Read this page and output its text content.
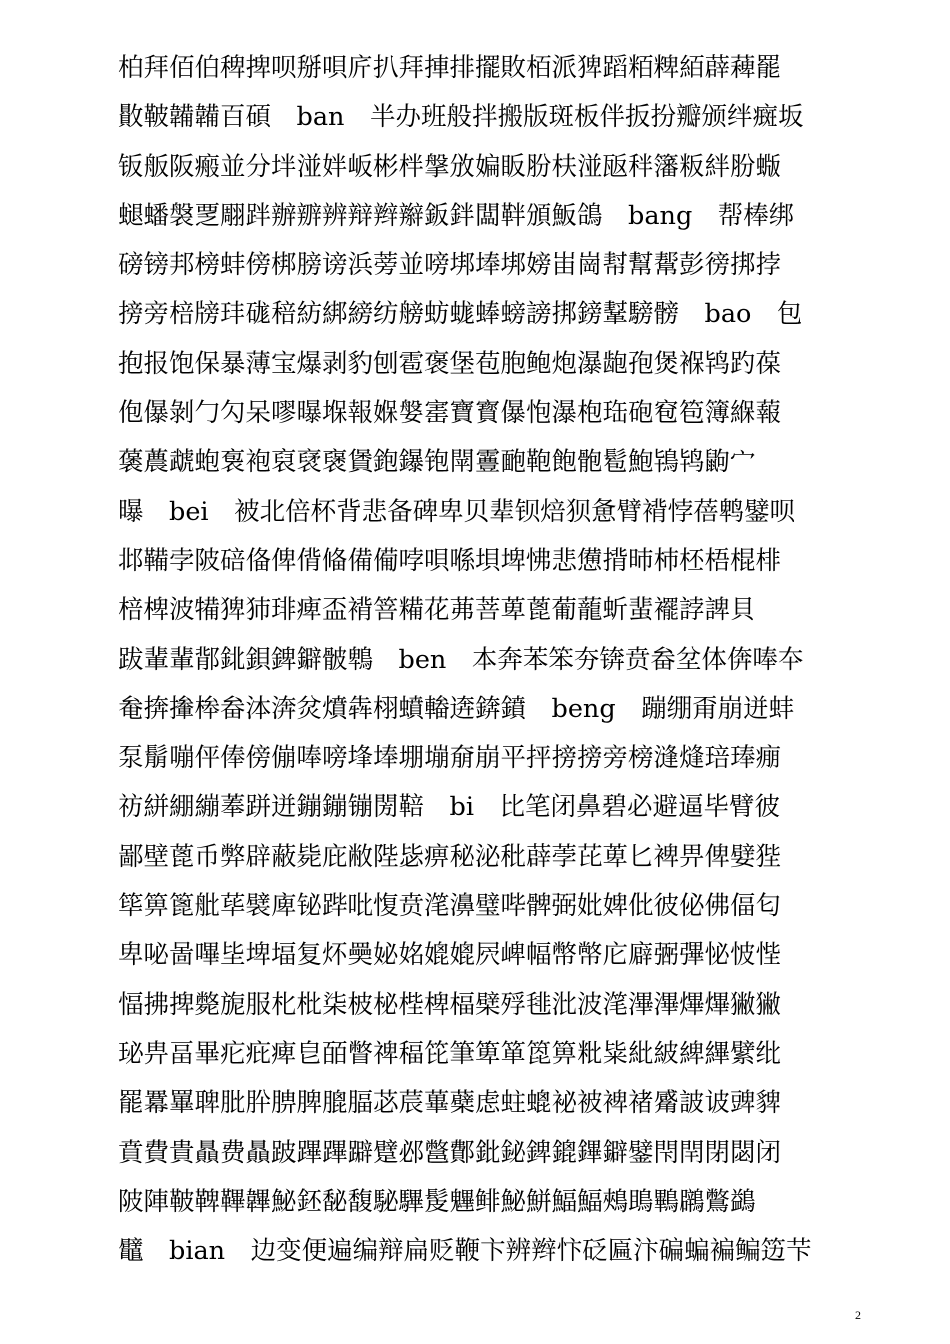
柏拜佰伯稗捭呗掰唄庍扒拜捙排擺敗栢派猈蹈粨粺絔薜薭罷
贁鞁韛韛百碩　ban　半办班般拌搬版斑板伴扳扮瓣颁绊癍坂
钣舨阪瘢並分坢湴姅岅彬柈搫攽媥眅肦枎湴瓪秚籓粄絆肦蝂
螁蟠褩覂翢跘辦辧辨辩辫辮鈑鉡闆靽頒魬鴿　bang　帮棒绑
磅镑邦榜蚌傍梆膀谤浜蒡並嗙垹埲垹嫎峀崗幇幫幚彭徬挷挬
搒旁棓牓玤硥稖紡綁縍纺艕蚄蛖蜯螃謗挷鎊鞤騯髈　bao　包
抱报饱保暴薄宝爆剥豹刨雹褒堡苞胞鲍炮瀑龅孢煲褓鸨趵葆
佨儤剝勹勽呆嘐曝堢報媬媻寚寶寳儤怉瀑枹珤砲窇笣簿緥蕔
藵蕽虣蚫袌袍裒裦襃賲鉋鑤铇閛霻靤鞄飽骲髱鮑鴇鸨鼩宀
曝　bei　被北倍杯背悲备碑卑贝辈钡焙狈惫臂褙悖蓓鹎鐾呗
邶鞴孛陂碚俻俾偝偹備僃哱唄喺垻埤怫悲憊揹昁杮柸梧棍棑
棓椑波犕猈犻琲痺盃褙箁糒花茀菩萆蓖葡蘢蚚蜚襬誖諀貝
跋輩輩鄁鉳鋇錍鐴骳鵯　ben　本奔苯笨夯锛贲畚坌体倴唪夲
奙捹撪桳畚泍渀炃燌犇栩蟦輽逩錛鐼　beng　蹦绷甭崩迸蚌
泵鬅嘣伻俸傍傰唪嗙埄埲堋塴奟崩平抨搒搒旁榜漨熢琣琫痭
祊絣綳繃菶跰迸鏰鏰镚閍鞛　bi　比笔闭鼻碧必避逼毕臂彼
鄙壁蓖币弊辟蔽毙庇敝陛毖痹秘泌秕薜荸芘萆匕裨畀俾嬖狴
筚箅篦舭荜襞庳铋跸吡愎贲滗濞璧哔髀弼妣婢仳彼佖佛偪匂
卑咇啚嗶坒埤堛复炋奰妼姳媲媲屄崥幅幣幤庀廦弻彃怭怶悂
愊拂捭斃旎服朼枇柒柀柲梐椑楅檗殍毴沘波滗滭滭熚熚獙獙
珌畁畐畢疕疪痺皀皕瞥禆稫笓筆箄箪箆箅粃粊紕紴綼縪繴纰
罷羃罼聛肶肸腗脾膍腷苾莀蓽蘗虑蛀螕袐被裨禇觱詖诐豍貏
賁費貴贔费贔跛蹕蹕躃躄邲鄨鄪鈚鉍錍鎞鏎鐴鐾閇閈閉閟闭
陂陣鞁鞞鞸韠鮅鉟馝馥駜驆髲魓鲱鮅鮩鰏鰏鵊鴡鷝鸊鷩鷁
鼊　bian　边变便遍编辩扁贬鞭卞辨辫忭砭匾汴碥蝙褊鳊笾芐
2
